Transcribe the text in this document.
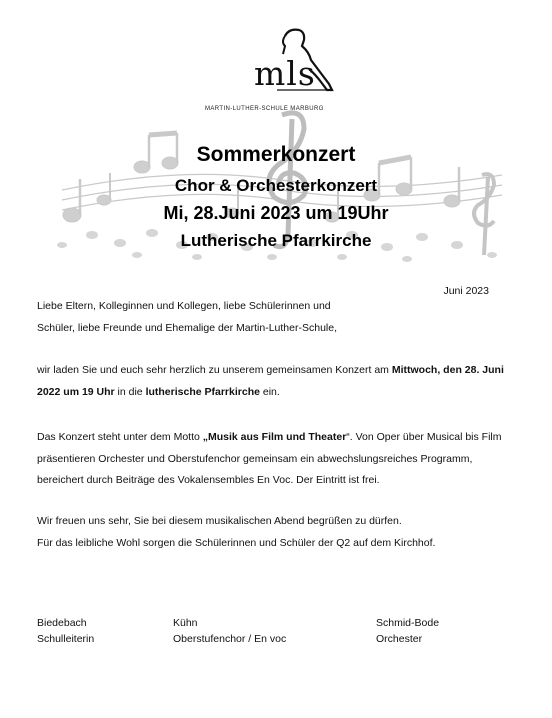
mls
MARTIN-LUTHER-SCHULE MARBURG
Sommerkonzert
Chor & Orchesterkonzert
Mi, 28.Juni 2023 um 19Uhr
Lutherische Pfarrkirche
Juni 2023
Liebe Eltern, Kolleginnen und Kollegen, liebe Schülerinnen und
Schüler, liebe Freunde und Ehemalige der Martin-Luther-Schule,
wir laden Sie und euch sehr herzlich zu unserem gemeinsamen Konzert am Mittwoch, den 28. Juni 2022 um 19 Uhr in die lutherische Pfarrkirche ein.
Das Konzert steht unter dem Motto „Musik aus Film und Theater“. Von Oper über Musical bis Film präsentieren Orchester und Oberstufenchor gemeinsam ein abwechslungsreiches Programm, bereichert durch Beiträge des Vokalensembles En Voc. Der Eintritt ist frei.
Wir freuen uns sehr, Sie bei diesem musikalischen Abend begrüßen zu dürfen.
Für das leibliche Wohl sorgen die Schülerinnen und Schüler der Q2 auf dem Kirchhof.
Biedebach
Schulleiterin
Kühn
Oberstufenchor / En voc
Schmid-Bode
Orchester
